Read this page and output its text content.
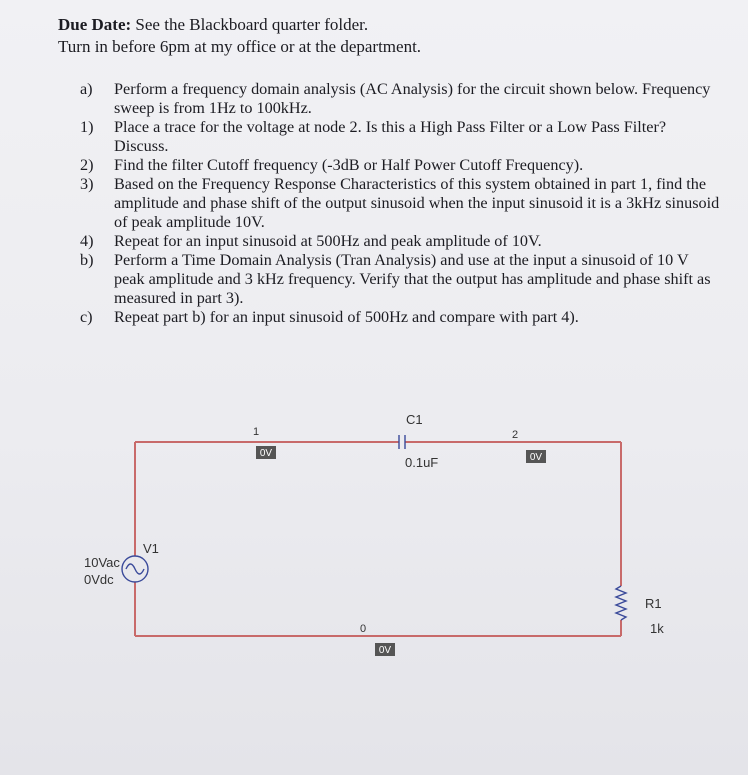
Due Date: See the Blackboard quarter folder.
Turn in before 6pm at my office or at the department.
a)	Perform a frequency domain analysis (AC Analysis) for the circuit shown below. Frequency sweep is from 1Hz to 100kHz.
1)	Place a trace for the voltage at node 2. Is this a High Pass Filter or a Low Pass Filter? Discuss.
2)	Find the filter Cutoff frequency (-3dB or Half Power Cutoff Frequency).
3)	Based on the Frequency Response Characteristics of this system obtained in part 1, find the amplitude and phase shift of the output sinusoid when the input sinusoid it is a 3kHz sinusoid of peak amplitude 10V.
4)	Repeat for an input sinusoid at 500Hz and peak amplitude of 10V.
b)	Perform a Time Domain Analysis (Tran Analysis) and use at the input a sinusoid of 10 V peak amplitude and 3 kHz frequency. Verify that the output has amplitude and phase shift as measured in part 3).
c)	Repeat part b) for an input sinusoid of 500Hz and compare with part 4).
C1
0.1uF
R1
1k
V1
10Vac
0Vdc
1	2
0
0V	0V
0V
